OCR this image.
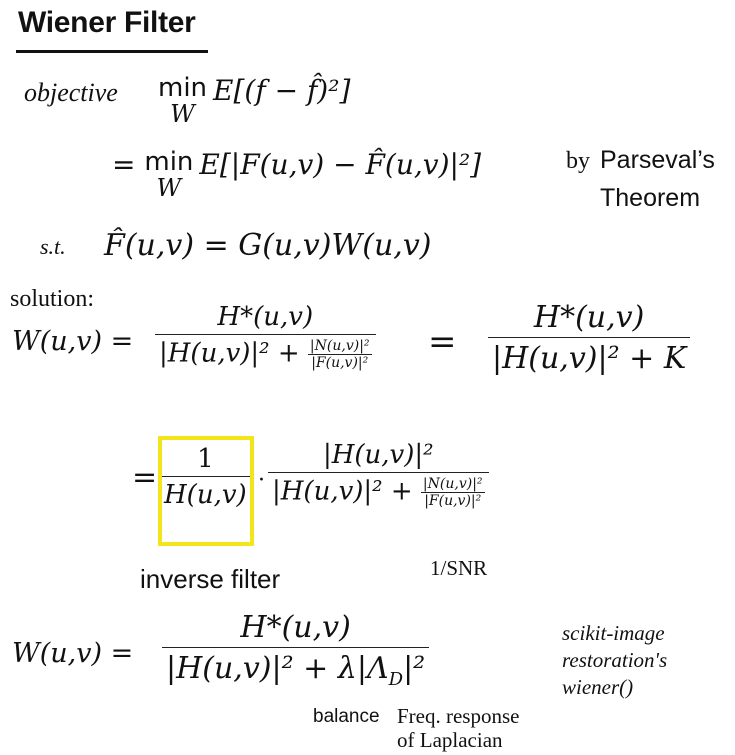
Wiener Filter
objective min
W
E[(f − f̂)²]
= min
W
E[|F(u,v) − F̂(u,v)|²]	by Parseval’s
Theorem
s.t. F̂(u,v) = G(u,v)W(u,v)
solution:
$W(u,v) = \frac{H*(u,v)}{|H(u,v)|^2 + \frac{\text{|N(u,v)|²}}{\text{|F(u,v)|²}}} = \frac{H*(u,v)}{\text{|H(u,v)|² + K}}$
= $\frac{1}{H(u,v)} \cdot \frac{\text{|H(u,v)|²}}{|H(u,v)|^2 + \frac{\text{|N(u,v)|²}}{\text{|F(u,v)|²}}}$
inverse filter	1/SNR
$W(u,v) = \frac{H*(u,v)}{|H(u,v)|^2 + \lambda|\Lambda_D|^2}$	scikit-image
restoration's
wiener()
balance Freq. response
of Laplacian
